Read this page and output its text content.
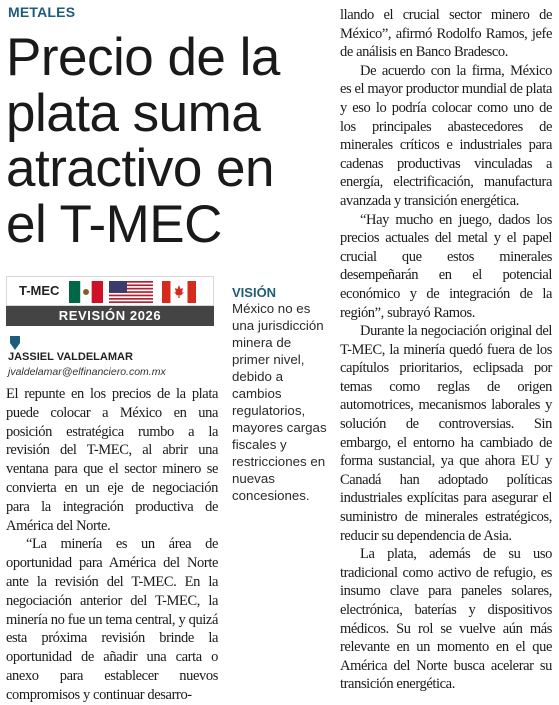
METALES
Precio de la plata suma atractivo en el T-MEC
T-MEC
REVISIÓN 2026
JASSIEL VALDELAMAR
jvaldelamar@elfinanciero.com.mx

El repunte en los precios de la plata puede colocar a México en una posición estratégica rumbo a la revisión del T-MEC, al abrir una ventana para que el sector minero se convierta en un eje de negociación para la integración productiva de América del Norte.

“La minería es un área de oportunidad para América del Norte ante la revisión del T-MEC. En la negociación anterior del T-MEC, la minería no fue un tema central, y quizá esta próxima revisión brinde la oportunidad de añadir una carta o anexo para establecer nuevos compromisos y continuar desarro-

VISIÓN
México no es una jurisdicción minera de primer nivel, debido a cambios regulatorios, mayores cargas fiscales y restricciones en nuevas concesiones.

llando el crucial sector minero de México”, afirmó Rodolfo Ramos, jefe de análisis en Banco Bradesco.

De acuerdo con la firma, México es el mayor productor mundial de plata y eso lo podría colocar como uno de los principales abastecedores de minerales críticos e industriales para cadenas productivas vinculadas a energía, electrificación, manufactura avanzada y transición energética.

“Hay mucho en juego, dados los precios actuales del metal y el papel crucial que estos minerales desempeñarán en el potencial económico y de integración de la región”, subrayó Ramos.

Durante la negociación original del T-MEC, la minería quedó fuera de los capítulos prioritarios, eclipsada por temas como reglas de origen automotrices, mecanismos laborales y solución de controversias. Sin embargo, el entorno ha cambiado de forma sustancial, ya que ahora EU y Canadá han adoptado políticas industriales explícitas para asegurar el suministro de minerales estratégicos, reducir su dependencia de Asia.

La plata, además de su uso tradicional como activo de refugio, es insumo clave para paneles solares, electrónica, baterías y dispositivos médicos. Su rol se vuelve aún más relevante en un momento en el que América del Norte busca acelerar su transición energética.
